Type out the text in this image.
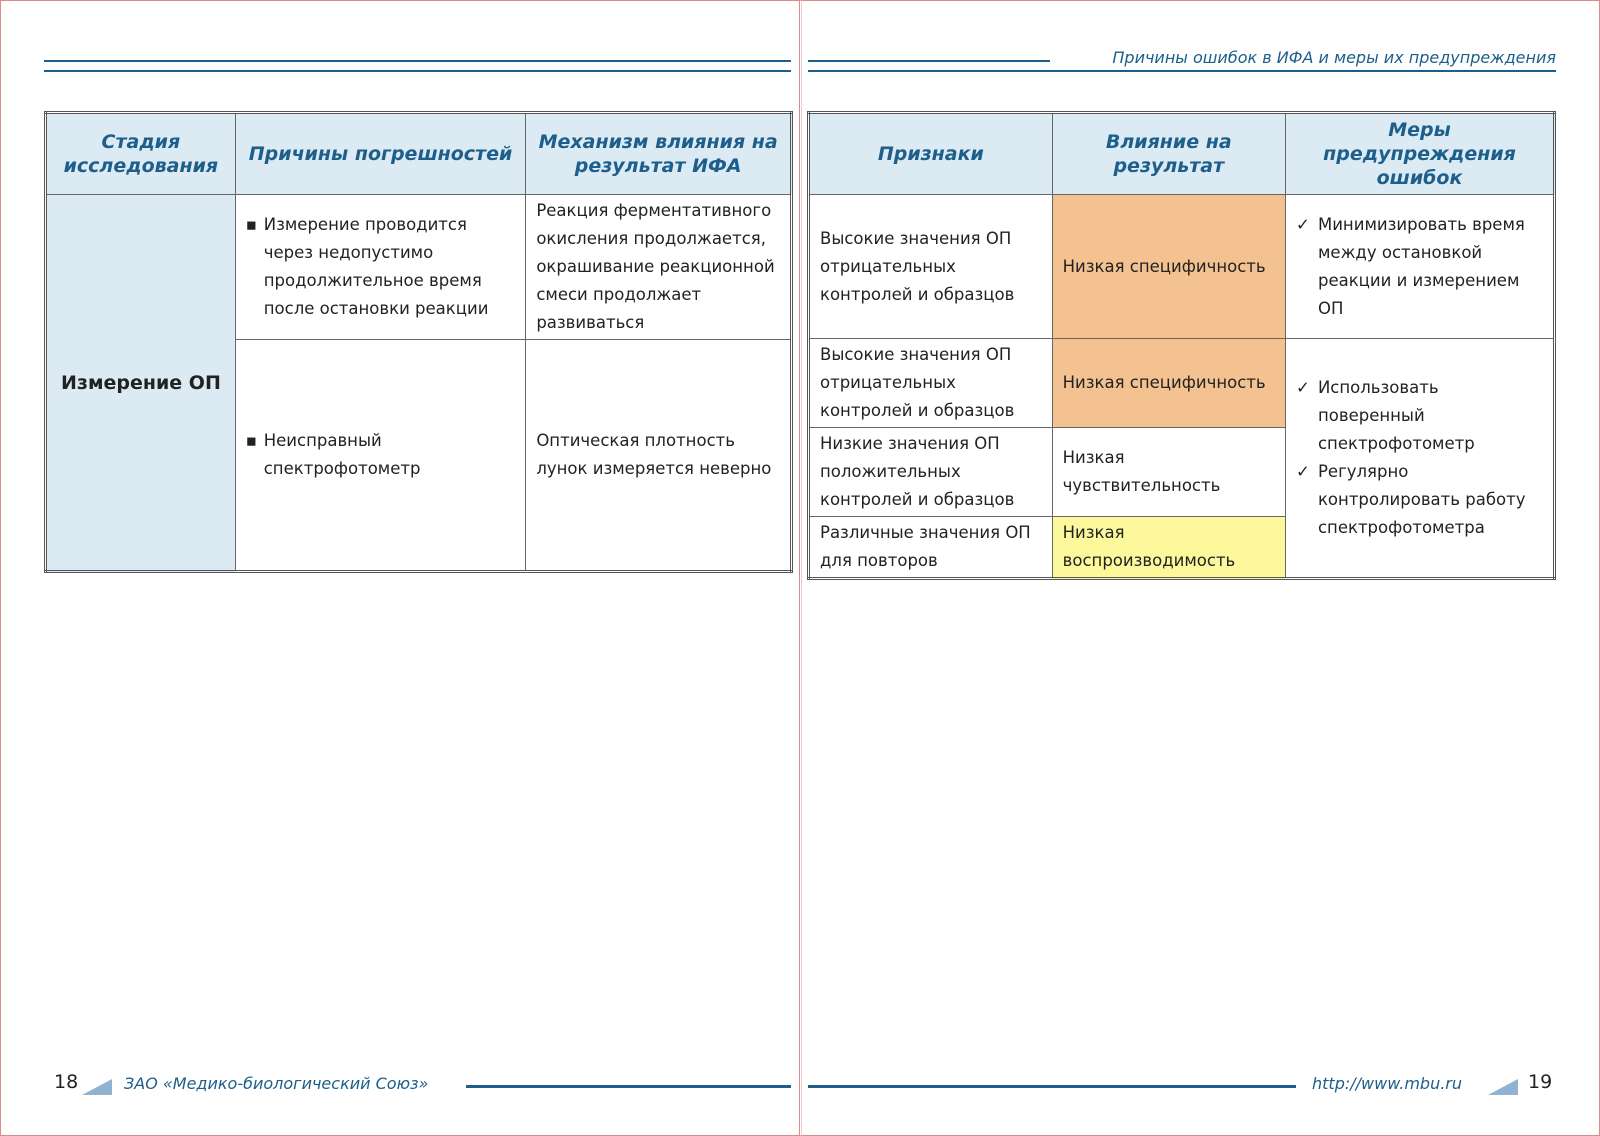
Причины ошибок в ИФА и меры их предупреждения
Стадия исследования	Причины погрешностей	Механизм влияния на результат ИФА
Измерение ОП	▪ Измерение проводится через недопустимо продолжительное время после остановки реакции	Реакция ферментативного окисления продолжается, окрашивание реакционной смеси продолжает развиваться

	▪ Неисправный спектрофотометр	Оптическая плотность лунок измеряется неверно
Признаки	Влияние на результат	Меры предупреждения ошибок
Высокие значения ОП отрицательных контролей и образцов	Низкая специфичность	✓ Минимизировать время между остановкой реакции и измерением ОП

Высокие значения ОП отрицательных контролей и образцов	Низкая специфичность	✓ Использовать поверенный спектрофотометр
✓ Регулярно контролировать работу спектрофотометра

Низкие значения ОП положительных контролей и образцов	Низкая чувствительность	
Различные значения ОП для повторов	Низкая воспроизводимость	
18	ЗАО «Медико-биологический Союз»	http://www.mbu.ru	19
